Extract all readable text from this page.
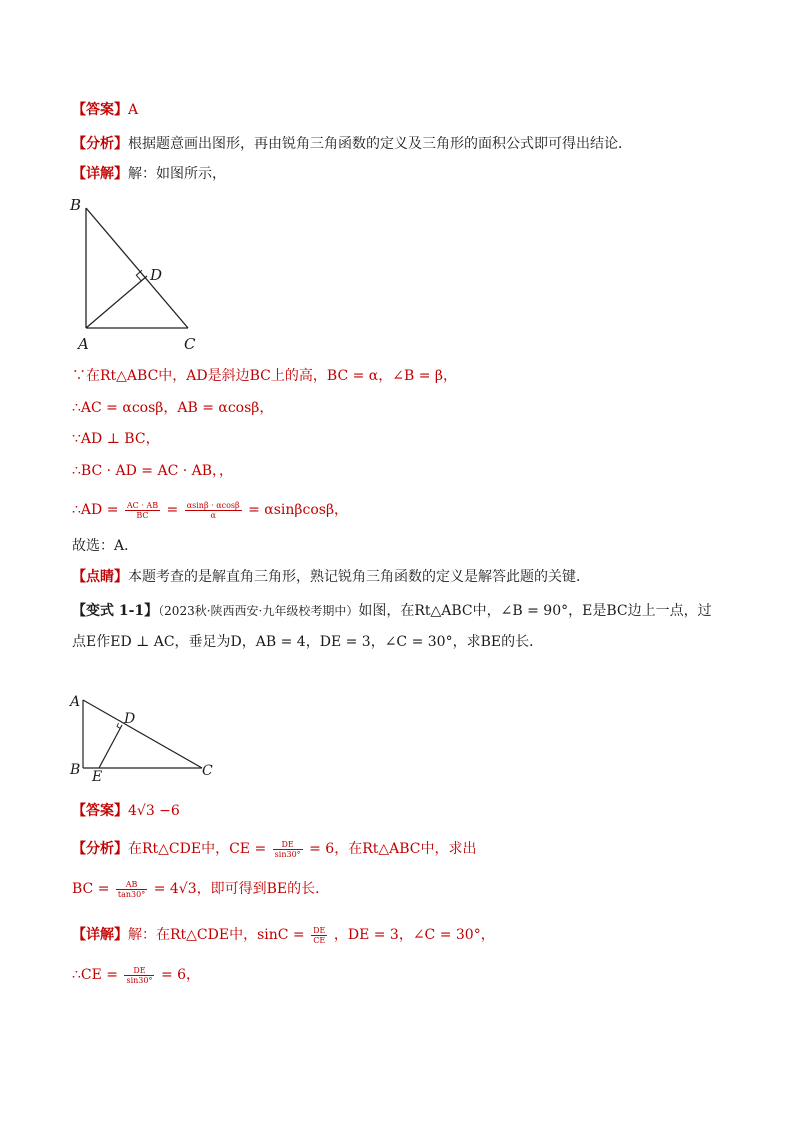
【答案】A
【分析】根据题意画出图形，再由锐角三角函数的定义及三角形的面积公式即可得出结论．
【详解】解：如图所示，
B
D
A	C
∵在Rt△ABC中，AD是斜边BC上的高，BC = α，∠B = β，
∴AC = αcosβ，AB = αcosβ，
∵AD ⊥ BC，
∴BC · AD = AC · AB，，
∴AD = $\frac{AC \cdot AB}{BC} = \frac{\alpha\sin\beta \cdot \alpha\cos\beta}{\alpha} = \alpha\sin\beta\cos\beta$，
故选：A．
【点睛】本题考查的是解直角三角形，熟记锐角三角函数的定义是解答此题的关键．
【变式 1-1】（2023秋·陕西西安·九年级校考期中）如图，在Rt△ABC中，∠B = 90°，E是BC边上一点，过
点E作ED ⊥ AC，垂足为D，AB = 4，DE = 3，∠C = 30°，求BE的长．
A
D
B E	C
【答案】4√3 −6
【分析】在Rt△CDE中，CE = $\frac{DE}{\sin 30^\circ} = 6$，在Rt△ABC中，求出
BC = $\frac{AB}{\tan 30^\circ} = 4√3$，即可得到BE的长．
【详解】解：在Rt△CDE中，$\sin C = \frac{DE}{CE}$ ，DE = 3，∠C = 30°，
∴CE = $\frac{DE}{\sin 30^\circ} = 6$，
